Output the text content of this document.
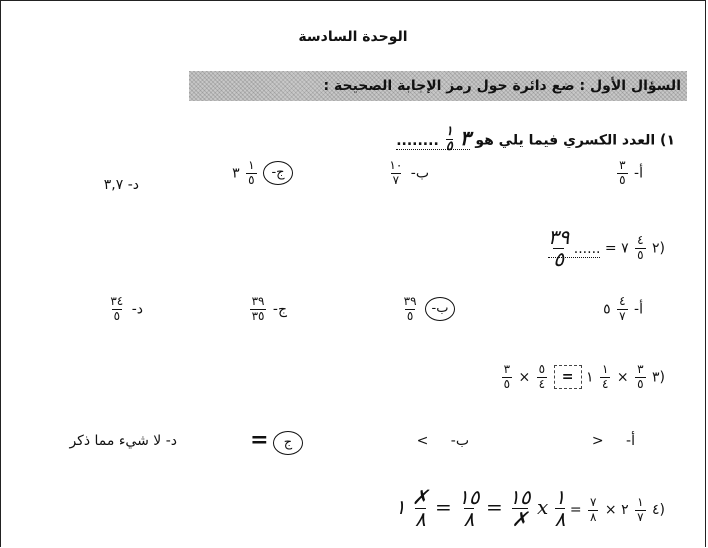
الوحدة السادسة
السؤال الأول : ضع دائرة حول رمز الإجابة الصحيحة :
١) العدد الكسري فيما يلي هو ٣
١
٥
........
أ-
$\frac{٣}{٥}$
ب-
$\frac{١٠}{٧}$
ج-
$\frac{١}{٥}$
٣
د- ٣,٧
(٢
$\frac{٤}{٥}$
٧ = ......
٣٩
٥
أ-
$\frac{٤}{٧}$
٥
ب-
$\frac{٣٩}{٥}$
ج-
$\frac{٣٩}{٣٥}$
د-
$\frac{٣٤}{٥}$
(٣
$\frac{٣}{٥}$
×
$\frac{١}{٤}$
١ =
$\frac{٥}{٤}$
×
$\frac{٣}{٥}$
أ- <
ب- >
ج =
د- لا شيء مما ذكر
(٤
$\frac{١}{٧}$
٢ ×
$\frac{٧}{٨}$
=
١
٨
x
١٥
✗
=
١٥
٨
=
✗
٨
١
